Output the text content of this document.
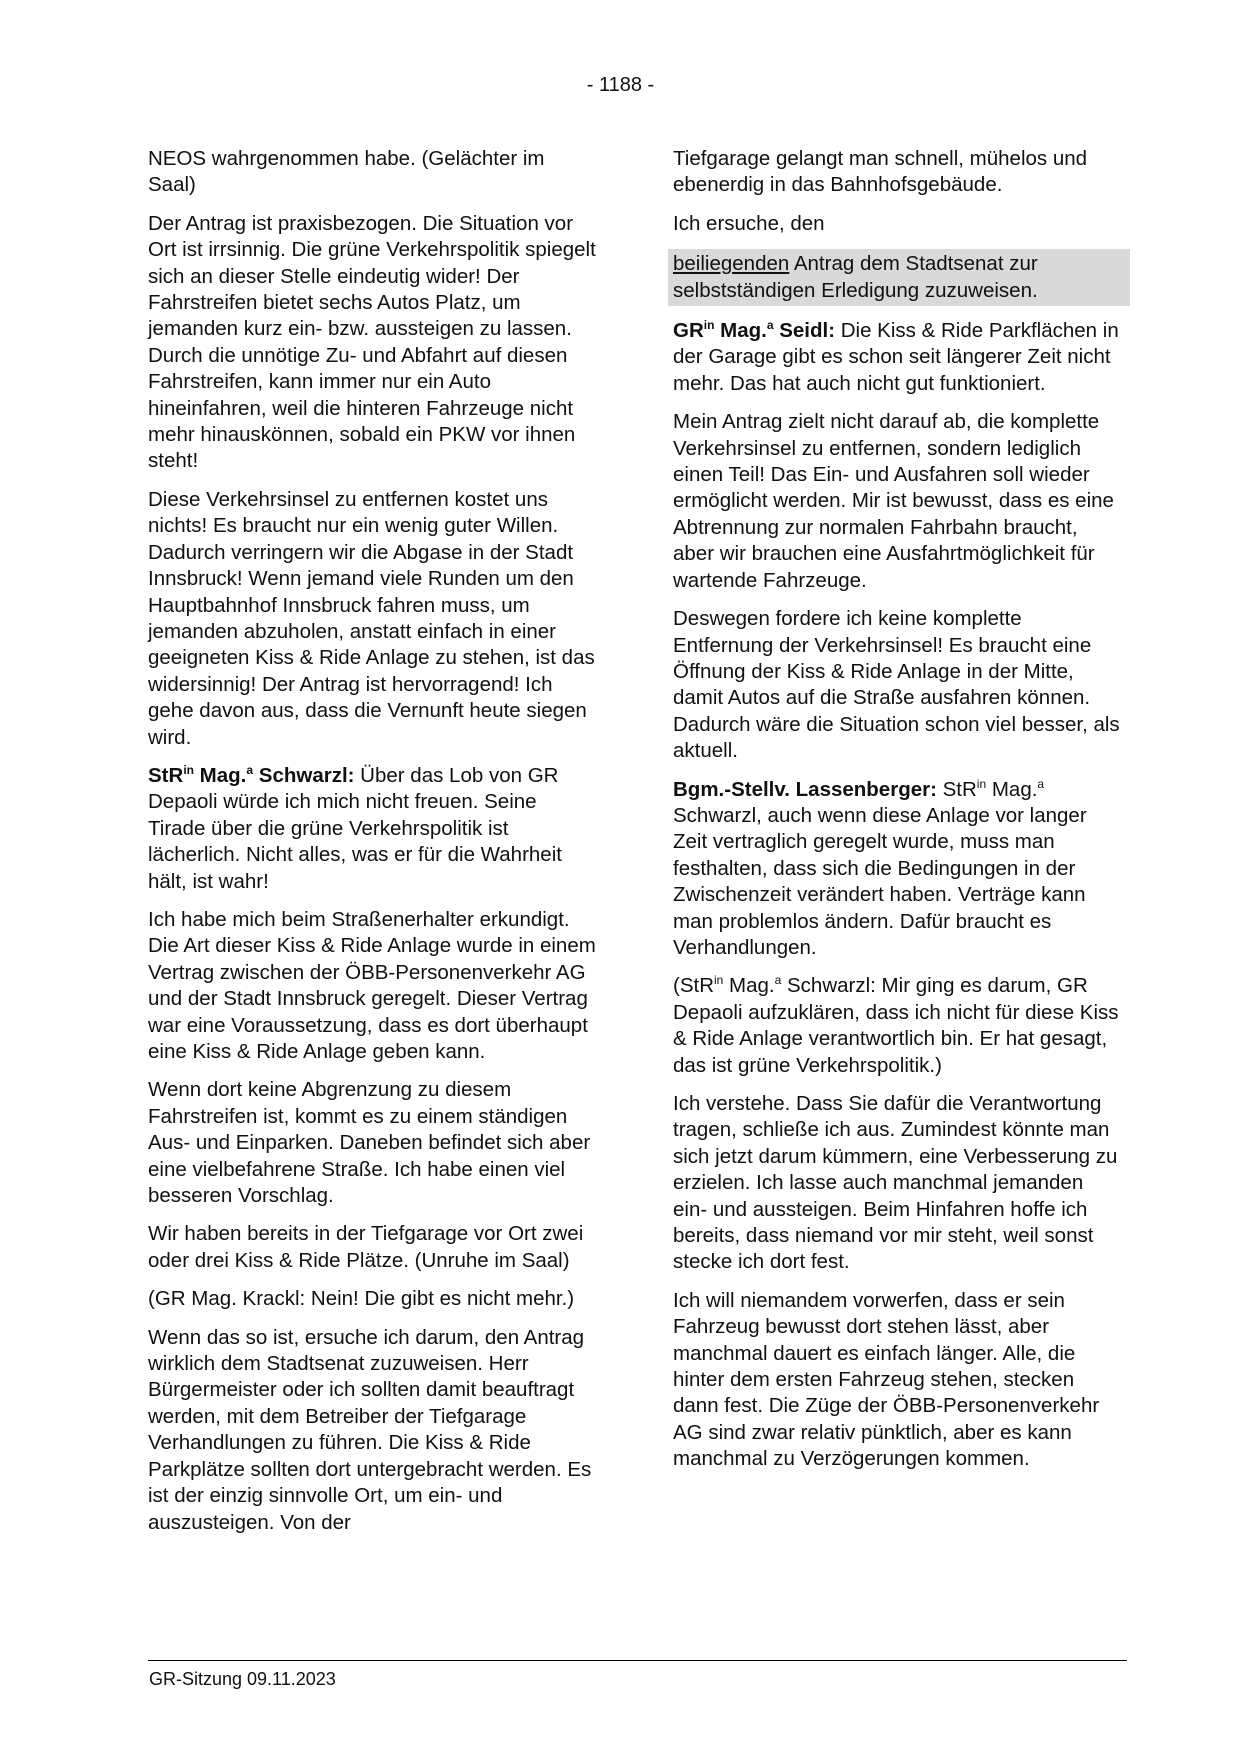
- 1188 -

NEOS wahrgenommen habe. (Gelächter im Saal)

Der Antrag ist praxisbezogen. Die Situation vor Ort ist irrsinnig. Die grüne Verkehrspolitik spiegelt sich an dieser Stelle eindeutig wider! Der Fahrstreifen bietet sechs Autos Platz, um jemanden kurz ein- bzw. aussteigen zu lassen. Durch die unnötige Zu- und Abfahrt auf diesen Fahrstreifen, kann immer nur ein Auto hineinfahren, weil die hinteren Fahrzeuge nicht mehr hinauskönnen, sobald ein PKW vor ihnen steht!

Diese Verkehrsinsel zu entfernen kostet uns nichts! Es braucht nur ein wenig guter Willen. Dadurch verringern wir die Abgase in der Stadt Innsbruck! Wenn jemand viele Runden um den Hauptbahnhof Innsbruck fahren muss, um jemanden abzuholen, anstatt einfach in einer geeigneten Kiss & Ride Anlage zu stehen, ist das widersinnig! Der Antrag ist hervorragend! Ich gehe davon aus, dass die Vernunft heute siegen wird.

StR$^{in}$ Mag.$^a$ Schwarzl: Über das Lob von GR Depaoli würde ich mich nicht freuen. Seine Tirade über die grüne Verkehrspolitik ist lächerlich. Nicht alles, was er für die Wahrheit hält, ist wahr!

Ich habe mich beim Straßenerhalter erkundigt. Die Art dieser Kiss & Ride Anlage wurde in einem Vertrag zwischen der ÖBB-Personenverkehr AG und der Stadt Innsbruck geregelt. Dieser Vertrag war eine Voraussetzung, dass es dort überhaupt eine Kiss & Ride Anlage geben kann.

Wenn dort keine Abgrenzung zu diesem Fahrstreifen ist, kommt es zu einem ständigen Aus- und Einparken. Daneben befindet sich aber eine vielbefahrene Straße. Ich habe einen viel besseren Vorschlag.

Wir haben bereits in der Tiefgarage vor Ort zwei oder drei Kiss & Ride Plätze. (Unruhe im Saal)

(GR Mag. Krackl: Nein! Die gibt es nicht mehr.)

Wenn das so ist, ersuche ich darum, den Antrag wirklich dem Stadtsenat zuzuweisen. Herr Bürgermeister oder ich sollten damit beauftragt werden, mit dem Betreiber der Tiefgarage Verhandlungen zu führen. Die Kiss & Ride Parkplätze sollten dort untergebracht werden. Es ist der einzig sinnvolle Ort, um ein- und auszusteigen. Von der

Tiefgarage gelangt man schnell, mühelos und ebenerdig in das Bahnhofsgebäude.

Ich ersuche, den

beiliegenden Antrag dem Stadtsenat zur selbstständigen Erledigung zuzuweisen.

$GR^{in}$ Mag.$^a$ Seidl: Die Kiss & Ride Parkflächen in der Garage gibt es schon seit längerer Zeit nicht mehr. Das hat auch nicht gut funktioniert.

Mein Antrag zielt nicht darauf ab, die komplette Verkehrsinsel zu entfernen, sondern lediglich einen Teil! Das Ein- und Ausfahren soll wieder ermöglicht werden. Mir ist bewusst, dass es eine Abtrennung zur normalen Fahrbahn braucht, aber wir brauchen eine Ausfahrtmöglichkeit für wartende Fahrzeuge.

Deswegen fordere ich keine komplette Entfernung der Verkehrsinsel! Es braucht eine Öffnung der Kiss & Ride Anlage in der Mitte, damit Autos auf die Straße ausfahren können. Dadurch wäre die Situation schon viel besser, als aktuell.

Bgm.-Stellv. Lassenberger: StR$^{in}$ Mag.$^a$ Schwarzl, auch wenn diese Anlage vor langer Zeit vertraglich geregelt wurde, muss man festhalten, dass sich die Bedingungen in der Zwischenzeit verändert haben. Verträge kann man problemlos ändern. Dafür braucht es Verhandlungen.

(StR$^{in}$ Mag.$^a$ Schwarzl: Mir ging es darum, GR Depaoli aufzuklären, dass ich nicht für diese Kiss & Ride Anlage verantwortlich bin. Er hat gesagt, das ist grüne Verkehrspolitik.)

Ich verstehe. Dass Sie dafür die Verantwortung tragen, schließe ich aus. Zumindest könnte man sich jetzt darum kümmern, eine Verbesserung zu erzielen. Ich lasse auch manchmal jemanden ein- und aussteigen. Beim Hinfahren hoffe ich bereits, dass niemand vor mir steht, weil sonst stecke ich dort fest.

Ich will niemandem vorwerfen, dass er sein Fahrzeug bewusst dort stehen lässt, aber manchmal dauert es einfach länger. Alle, die hinter dem ersten Fahrzeug stehen, stecken dann fest. Die Züge der ÖBB-Personenverkehr AG sind zwar relativ pünktlich, aber es kann manchmal zu Verzögerungen kommen.

GR-Sitzung 09.11.2023
